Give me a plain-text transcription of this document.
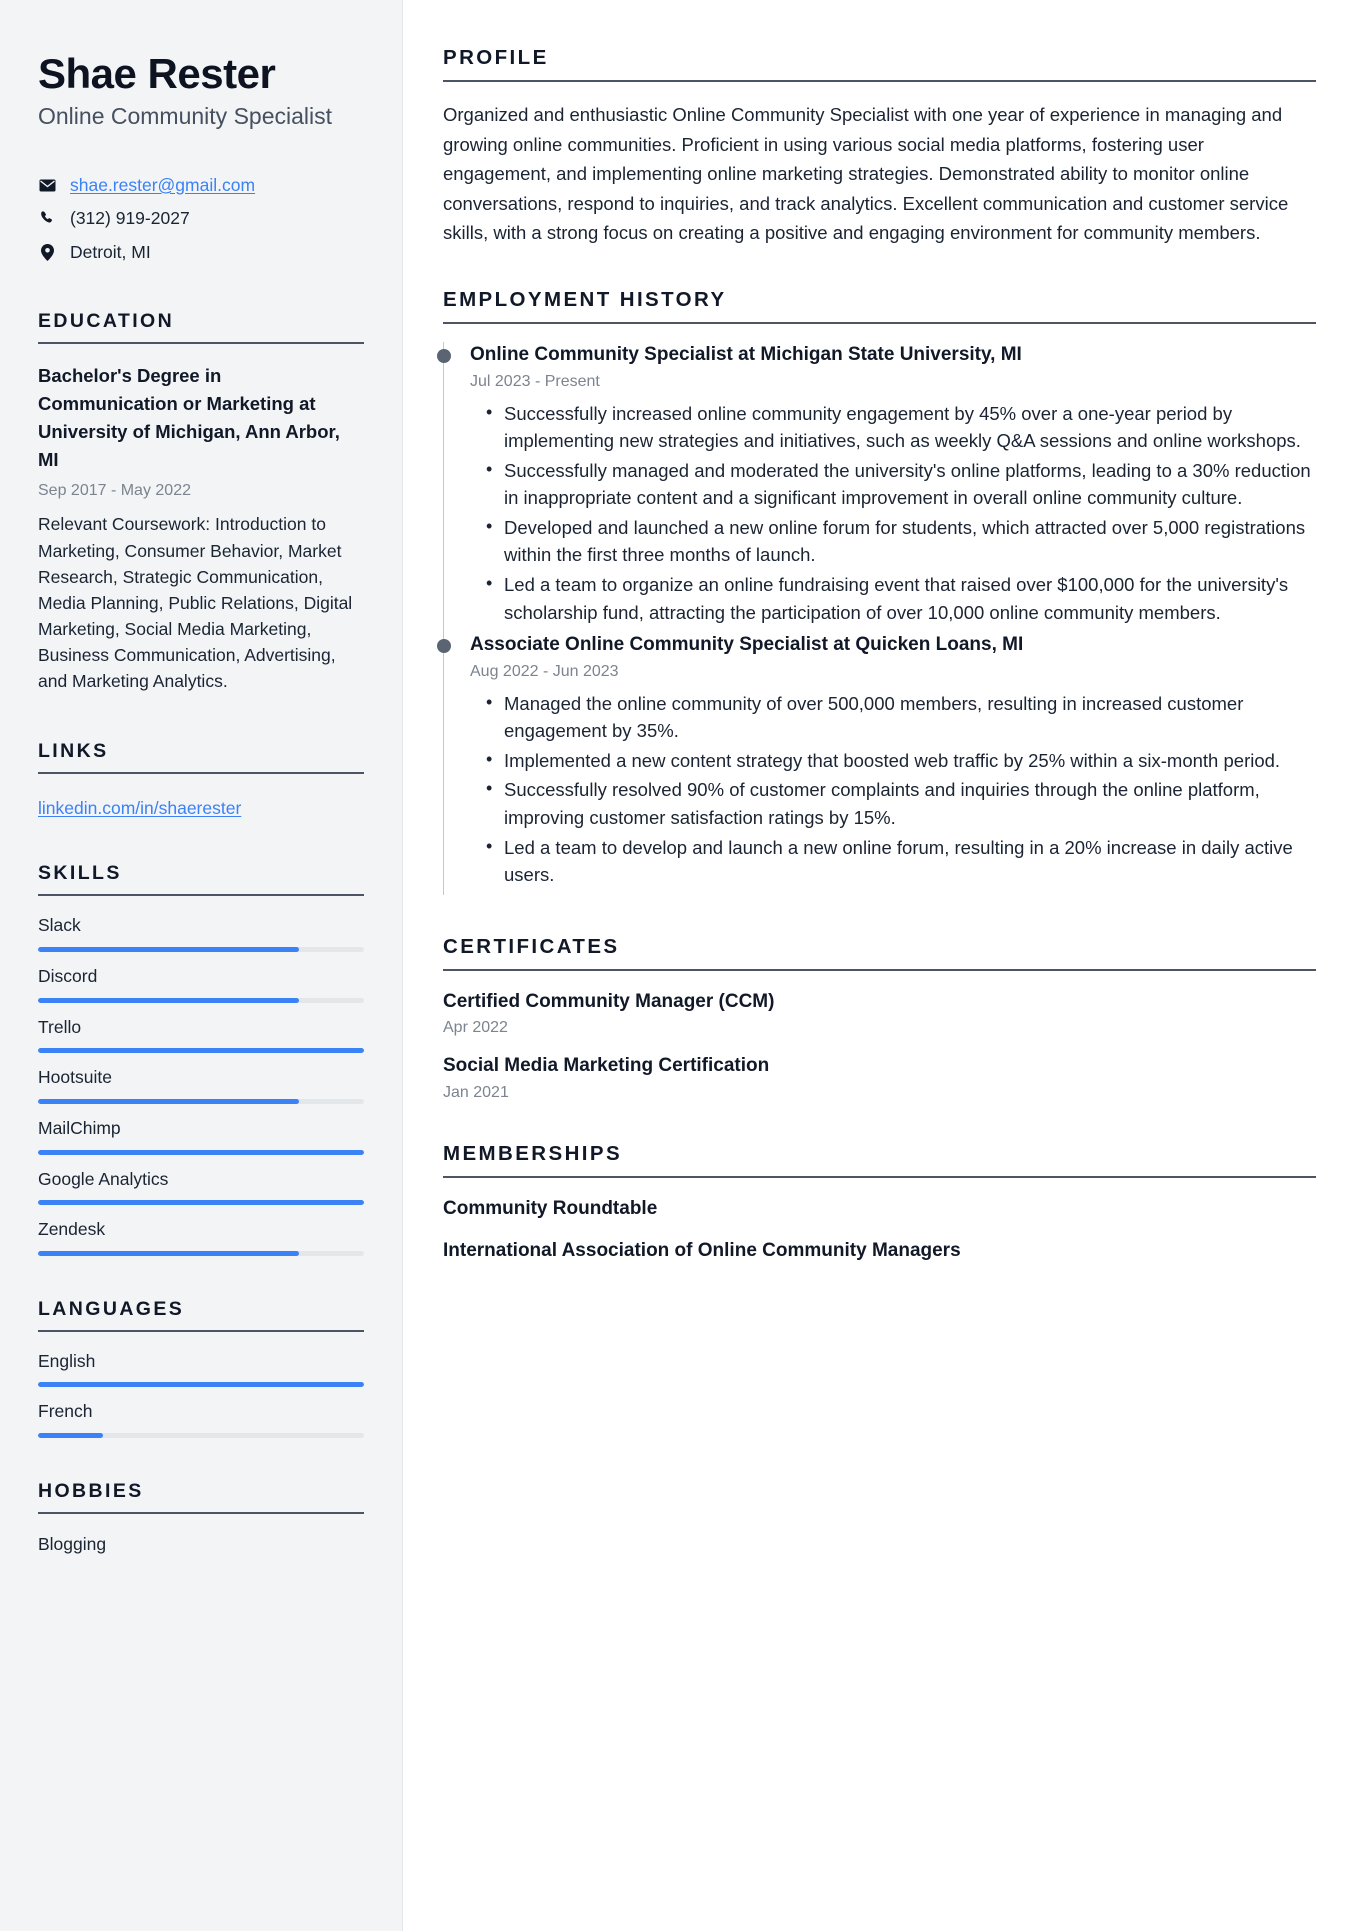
Shae Rester
Online Community Specialist
shae.rester@gmail.com
(312) 919-2027
Detroit, MI
EDUCATION
Bachelor's Degree in Communication or Marketing at University of Michigan, Ann Arbor, MI
Sep 2017 - May 2022
Relevant Coursework: Introduction to Marketing, Consumer Behavior, Market Research, Strategic Communication, Media Planning, Public Relations, Digital Marketing, Social Media Marketing, Business Communication, Advertising, and Marketing Analytics.
LINKS
linkedin.com/in/shaerester
SKILLS
Slack
Discord
Trello
Hootsuite
MailChimp
Google Analytics
Zendesk
LANGUAGES
English
French
HOBBIES
Blogging
PROFILE

Organized and enthusiastic Online Community Specialist with one year of experience in managing and growing online communities. Proficient in using various social media platforms, fostering user engagement, and implementing online marketing strategies. Demonstrated ability to monitor online conversations, respond to inquiries, and track analytics. Excellent communication and customer service skills, with a strong focus on creating a positive and engaging environment for community members.

EMPLOYMENT HISTORY
Online Community Specialist at Michigan State University, MI
Jul 2023 - Present
• Successfully increased online community engagement by 45% over a one-year period by implementing new strategies and initiatives, such as weekly Q&A sessions and online workshops.
• Successfully managed and moderated the university's online platforms, leading to a 30% reduction in inappropriate content and a significant improvement in overall online community culture.
• Developed and launched a new online forum for students, which attracted over 5,000 registrations within the first three months of launch.
• Led a team to organize an online fundraising event that raised over $100,000 for the university's scholarship fund, attracting the participation of over 10,000 online community members.
Associate Online Community Specialist at Quicken Loans, MI
Aug 2022 - Jun 2023
• Managed the online community of over 500,000 members, resulting in increased customer engagement by 35%.
• Implemented a new content strategy that boosted web traffic by 25% within a six-month period.
• Successfully resolved 90% of customer complaints and inquiries through the online platform, improving customer satisfaction ratings by 15%.
• Led a team to develop and launch a new online forum, resulting in a 20% increase in daily active users.
CERTIFICATES
Certified Community Manager (CCM)
Apr 2022
Social Media Marketing Certification
Jan 2021
MEMBERSHIPS
Community Roundtable
International Association of Online Community Managers
